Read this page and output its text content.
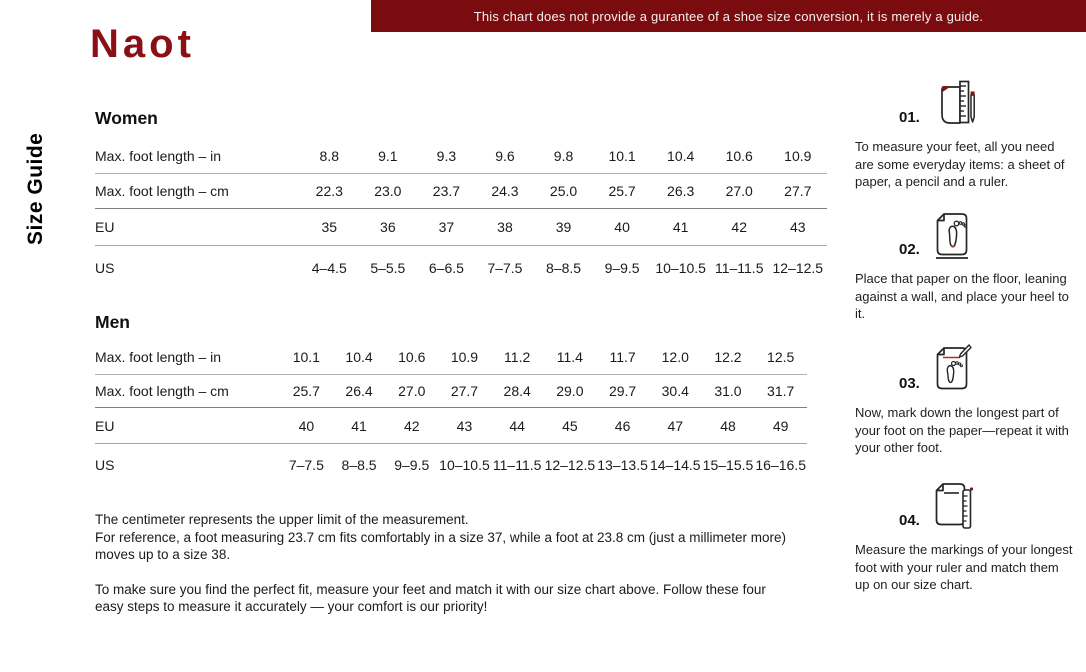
This chart does not provide a gurantee of a shoe size conversion, it is merely a guide.
Naot
Size Guide
Women
Max. foot length – in	8.8	9.1	9.3	9.6	9.8	10.1	10.4	10.6	10.9
Max. foot length – cm	22.3	23.0	23.7	24.3	25.0	25.7	26.3	27.0	27.7
EU	35	36	37	38	39	40	41	42	43
US	4–4.5	5–5.5	6–6.5	7–7.5	8–8.5	9–9.5	10–10.5 11–11.5 12–12.5
Men
Max. foot length – in	10.1	10.4	10.6	10.9	11.2	11.4	11.7	12.0	12.2	12.5
Max. foot length – cm	25.7	26.4	27.0	27.7	28.4	29.0	29.7	30.4	31.0	31.7
EU	40	41	42	43	44	45	46	47	48	49
US	7–7.5	8–8.5	9–9.5 10–10.5 11–11.5 12–12.5 13–13.5 14–14.5 15–15.5 16–16.5

The centimeter represents the upper limit of the measurement.
For reference, a foot measuring 23.7 cm fits comfortably in a size 37, while a foot at 23.8 cm (just a millimeter more) moves up to a size 38.

To make sure you find the perfect fit, measure your feet and match it with our size chart above. Follow these four easy steps to measure it accurately — your comfort is our priority!

01.

To measure your feet, all you need are some everyday items: a sheet of paper, a pencil and a ruler.

02.

Place that paper on the floor, leaning against a wall, and place your heel to it.

03.

Now, mark down the longest part of your foot on the paper—repeat it with your other foot.

04.

Measure the markings of your longest foot with your ruler and match them up on our size chart.
